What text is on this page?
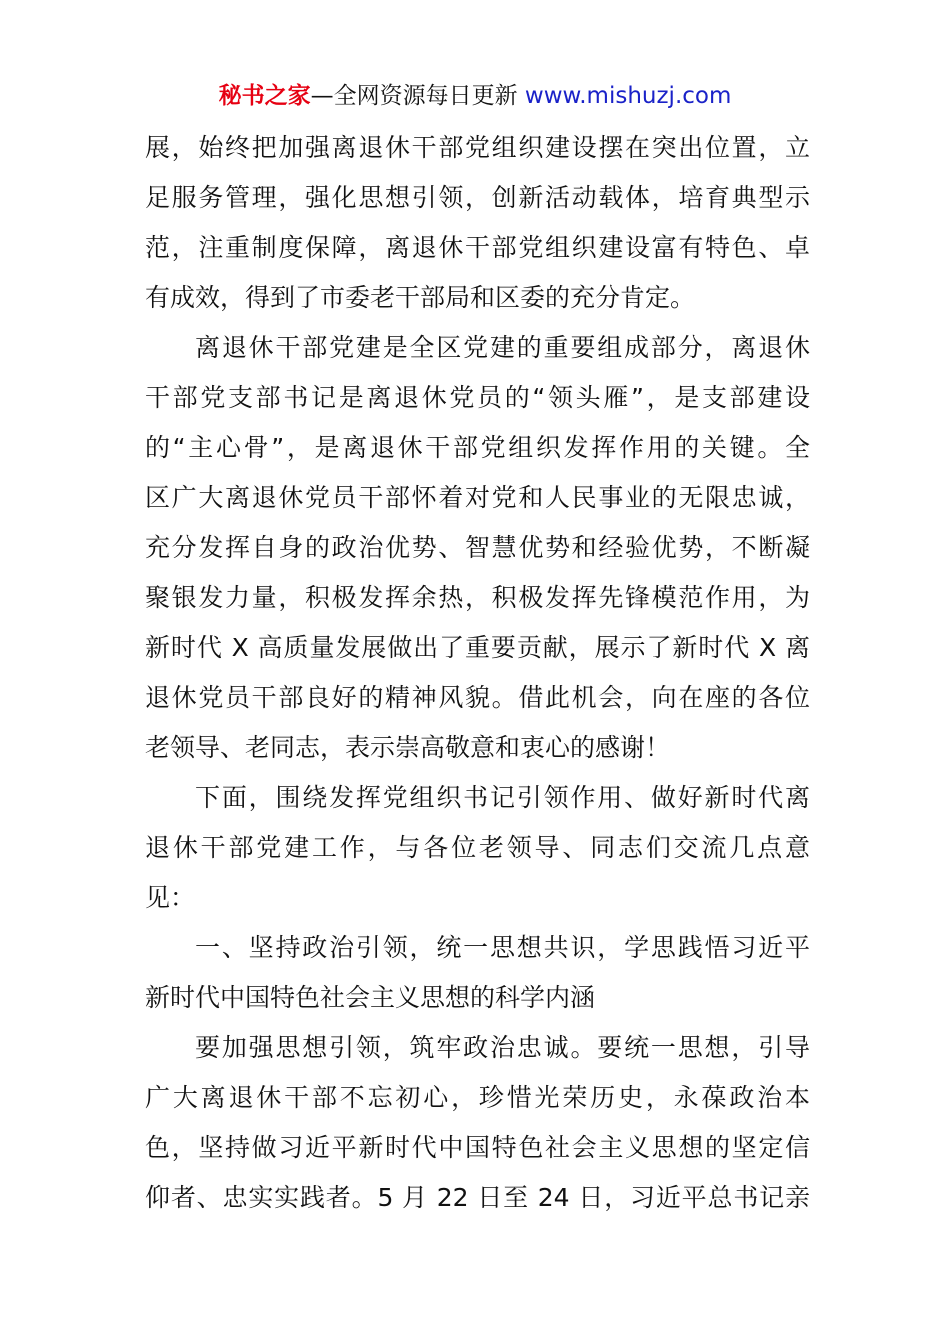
秘书之家—全网资源每日更新 www.mishuzj.com
展，始终把加强离退休干部党组织建设摆在突出位置，立
足服务管理，强化思想引领，创新活动载体，培育典型示
范，注重制度保障，离退休干部党组织建设富有特色、卓
有成效，得到了市委老干部局和区委的充分肯定。
离退休干部党建是全区党建的重要组成部分，离退休
干部党支部书记是离退休党员的“领头雁”，是支部建设
的“主心骨”，是离退休干部党组织发挥作用的关键。全
区广大离退休党员干部怀着对党和人民事业的无限忠诚，
充分发挥自身的政治优势、智慧优势和经验优势，不断凝
聚银发力量，积极发挥余热，积极发挥先锋模范作用，为
新时代 X 高质量发展做出了重要贡献，展示了新时代 X 离
退休党员干部良好的精神风貌。借此机会，向在座的各位
老领导、老同志，表示崇高敬意和衷心的感谢！
下面，围绕发挥党组织书记引领作用、做好新时代离
退休干部党建工作，与各位老领导、同志们交流几点意
见：
一、坚持政治引领，统一思想共识，学思践悟习近平
新时代中国特色社会主义思想的科学内涵
要加强思想引领，筑牢政治忠诚。要统一思想，引导
广大离退休干部不忘初心，珍惜光荣历史，永葆政治本
色，坚持做习近平新时代中国特色社会主义思想的坚定信
仰者、忠实实践者。5 月 22 日至 24 日，习近平总书记亲
